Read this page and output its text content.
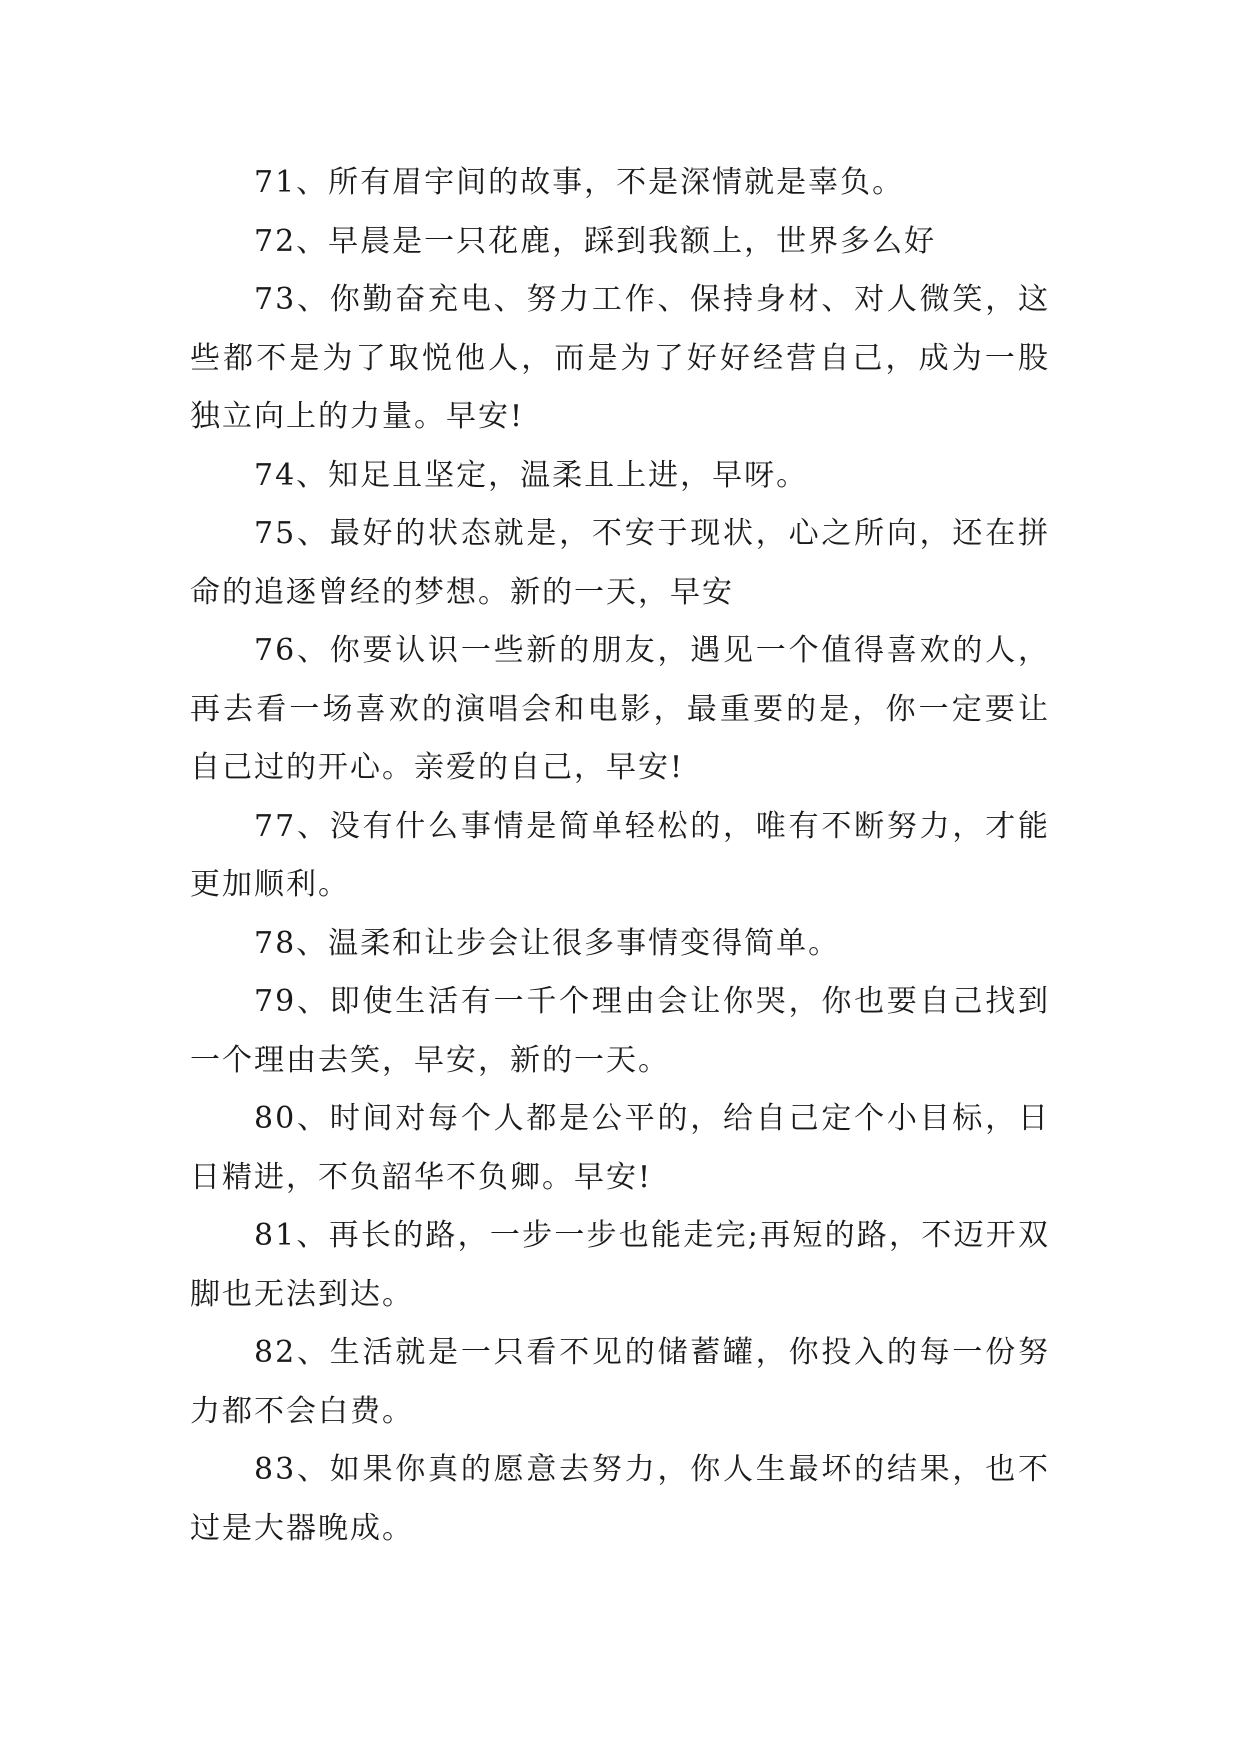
71、所有眉宇间的故事，不是深情就是辜负。

72、早晨是一只花鹿，踩到我额上，世界多么好

73、你勤奋充电、努力工作、保持身材、对人微笑，这些都不是为了取悦他人，而是为了好好经营自己，成为一股独立向上的力量。早安!

74、知足且坚定，温柔且上进，早呀。

75、最好的状态就是，不安于现状，心之所向，还在拼命的追逐曾经的梦想。新的一天，早安

76、你要认识一些新的朋友，遇见一个值得喜欢的人，再去看一场喜欢的演唱会和电影，最重要的是，你一定要让自己过的开心。亲爱的自己，早安!

77、没有什么事情是简单轻松的，唯有不断努力，才能更加顺利。

78、温柔和让步会让很多事情变得简单。

79、即使生活有一千个理由会让你哭，你也要自己找到一个理由去笑，早安，新的一天。

80、时间对每个人都是公平的，给自己定个小目标，日日精进，不负韶华不负卿。早安!

81、再长的路，一步一步也能走完;再短的路，不迈开双脚也无法到达。

82、生活就是一只看不见的储蓄罐，你投入的每一份努力都不会白费。

83、如果你真的愿意去努力，你人生最坏的结果，也不过是大器晚成。
